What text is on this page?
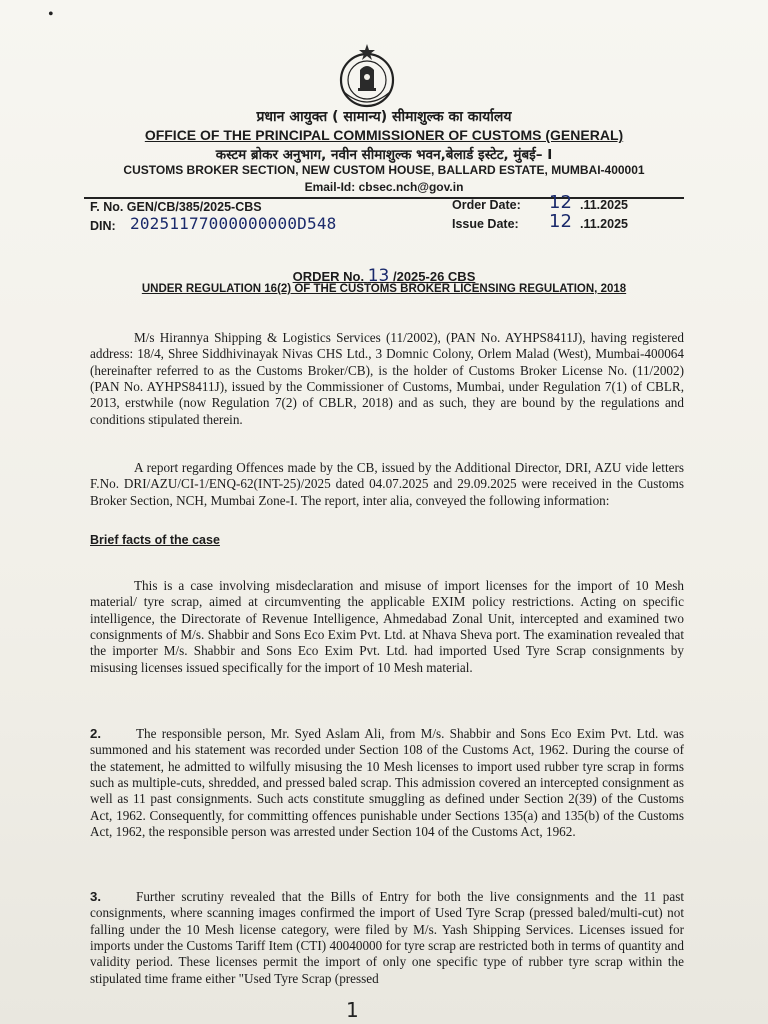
•
प्रधान आयुक्त ( सामान्य) सीमाशुल्क का कार्यालय
OFFICE OF THE PRINCIPAL COMMISSIONER OF CUSTOMS (GENERAL)
कस्टम ब्रोकर अनुभाग, नवीन सीमाशुल्क भवन,बेलार्ड इस्टेट, मुंबई– I
CUSTOMS BROKER SECTION, NEW CUSTOM HOUSE, BALLARD ESTATE, MUMBAI-400001
Email-Id: cbsec.nch@gov.in
F. No. GEN/CB/385/2025-CBS
DIN: 20251177000000000D548
Order Date: 12 .11.2025
Issue Date: 12 .11.2025
ORDER No. 13 /2025-26 CBS
UNDER REGULATION 16(2) OF THE CUSTOMS BROKER LICENSING REGULATION, 2018

M/s Hirannya Shipping & Logistics Services (11/2002), (PAN No. AYHPS8411J), having registered address: 18/4, Shree Siddhivinayak Nivas CHS Ltd., 3 Domnic Colony, Orlem Malad (West), Mumbai-400064 (hereinafter referred to as the Customs Broker/CB), is the holder of Customs Broker License No. (11/2002) (PAN No. AYHPS8411J), issued by the Commissioner of Customs, Mumbai, under Regulation 7(1) of CBLR, 2013, erstwhile (now Regulation 7(2) of CBLR, 2018) and as such, they are bound by the regulations and conditions stipulated therein.

A report regarding Offences made by the CB, issued by the Additional Director, DRI, AZU vide letters F.No. DRI/AZU/CI-1/ENQ-62(INT-25)/2025 dated 04.07.2025 and 29.09.2025 were received in the Customs Broker Section, NCH, Mumbai Zone-I. The report, inter alia, conveyed the following information:

Brief facts of the case

This is a case involving misdeclaration and misuse of import licenses for the import of 10 Mesh material/ tyre scrap, aimed at circumventing the applicable EXIM policy restrictions. Acting on specific intelligence, the Directorate of Revenue Intelligence, Ahmedabad Zonal Unit, intercepted and examined two consignments of M/s. Shabbir and Sons Eco Exim Pvt. Ltd. at Nhava Sheva port. The examination revealed that the importer M/s. Shabbir and Sons Eco Exim Pvt. Ltd. had imported Used Tyre Scrap consignments by misusing licenses issued specifically for the import of 10 Mesh material.

2.	The responsible person, Mr. Syed Aslam Ali, from M/s. Shabbir and Sons Eco Exim Pvt. Ltd. was summoned and his statement was recorded under Section 108 of the Customs Act, 1962. During the course of the statement, he admitted to wilfully misusing the 10 Mesh licenses to import used rubber tyre scrap in forms such as multiple-cuts, shredded, and pressed baled scrap. This admission covered an intercepted consignment as well as 11 past consignments. Such acts constitute smuggling as defined under Section 2(39) of the Customs Act, 1962. Consequently, for committing offences punishable under Sections 135(a) and 135(b) of the Customs Act, 1962, the responsible person was arrested under Section 104 of the Customs Act, 1962.

3.	Further scrutiny revealed that the Bills of Entry for both the live consignments and the 11 past consignments, where scanning images confirmed the import of Used Tyre Scrap (pressed baled/multi-cut) not falling under the 10 Mesh license category, were filed by M/s. Yash Shipping Services. Licenses issued for imports under the Customs Tariff Item (CTI) 40040000 for tyre scrap are restricted both in terms of quantity and validity period. These licenses permit the import of only one specific type of rubber tyre scrap within the stipulated time frame either "Used Tyre Scrap (pressed

1
